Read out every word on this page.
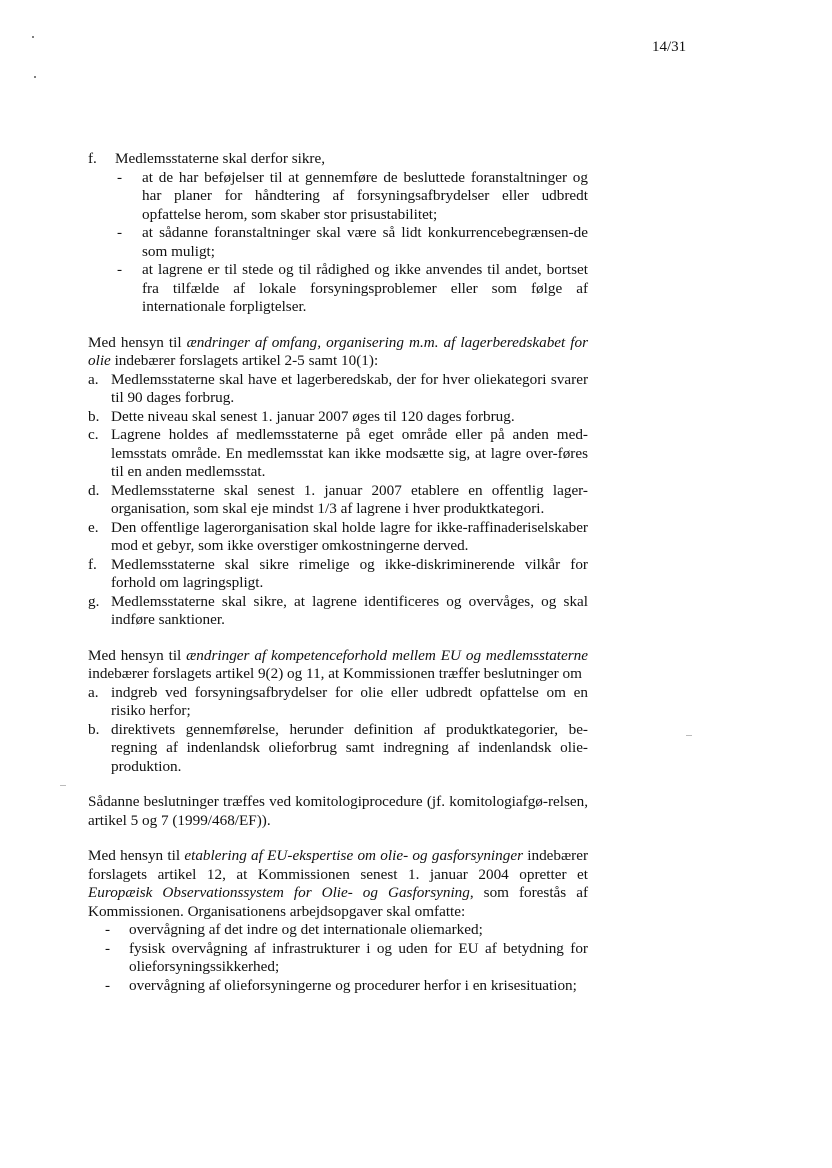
14/31
f.	Medlemsstaterne skal derfor sikre,
- at de har beføjelser til at gennemføre de besluttede foranstaltninger og har planer for håndtering af forsyningsafbrydelser eller udbredt opfattelse herom, som skaber stor prisustabilitet;
- at sådanne foranstaltninger skal være så lidt konkurrencebegrænsen-de som muligt;
- at lagrene er til stede og til rådighed og ikke anvendes til andet, bortset fra tilfælde af lokale forsyningsproblemer eller som følge af internationale forpligtelser.
Med hensyn til ændringer af omfang, organisering m.m. af lagerberedskabet for olie indebærer forslagets artikel 2-5 samt 10(1):
a. Medlemsstaterne skal have et lagerberedskab, der for hver oliekategori svarer til 90 dages forbrug.
b. Dette niveau skal senest 1. januar 2007 øges til 120 dages forbrug.
c. Lagrene holdes af medlemsstaterne på eget område eller på anden med-lemsstats område. En medlemsstat kan ikke modsætte sig, at lagre over-føres til en anden medlemsstat.
d. Medlemsstaterne skal senest 1. januar 2007 etablere en offentlig lager-organisation, som skal eje mindst 1/3 af lagrene i hver produktkategori.
e. Den offentlige lagerorganisation skal holde lagre for ikke-raffinaderiselskaber mod et gebyr, som ikke overstiger omkostningerne derved.
f. Medlemsstaterne skal sikre rimelige og ikke-diskriminerende vilkår for forhold om lagringspligt.
g. Medlemsstaterne skal sikre, at lagrene identificeres og overvåges, og skal indføre sanktioner.
Med hensyn til ændringer af kompetenceforhold mellem EU og medlemsstaterne indebærer forslagets artikel 9(2) og 11, at Kommissionen træffer beslutninger om
a. indgreb ved forsyningsafbrydelser for olie eller udbredt opfattelse om en risiko herfor;
b. direktivets gennemførelse, herunder definition af produktkategorier, be-regning af indenlandsk olieforbrug samt indregning af indenlandsk olie-produktion.
Sådanne beslutninger træffes ved komitologiprocedure (jf. komitologiafgø-relsen, artikel 5 og 7 (1999/468/EF)).
Med hensyn til etablering af EU-ekspertise om olie- og gasforsyninger indebærer forslagets artikel 12, at Kommissionen senest 1. januar 2004 opretter et Europæisk Observationssystem for Olie- og Gasforsyning, som forestås af Kommissionen. Organisationens arbejdsopgaver skal omfatte:
- overvågning af det indre og det internationale oliemarked;
- fysisk overvågning af infrastrukturer i og uden for EU af betydning for olieforsyningssikkerhed;
- overvågning af olieforsyningerne og procedurer herfor i en krisesituation;
